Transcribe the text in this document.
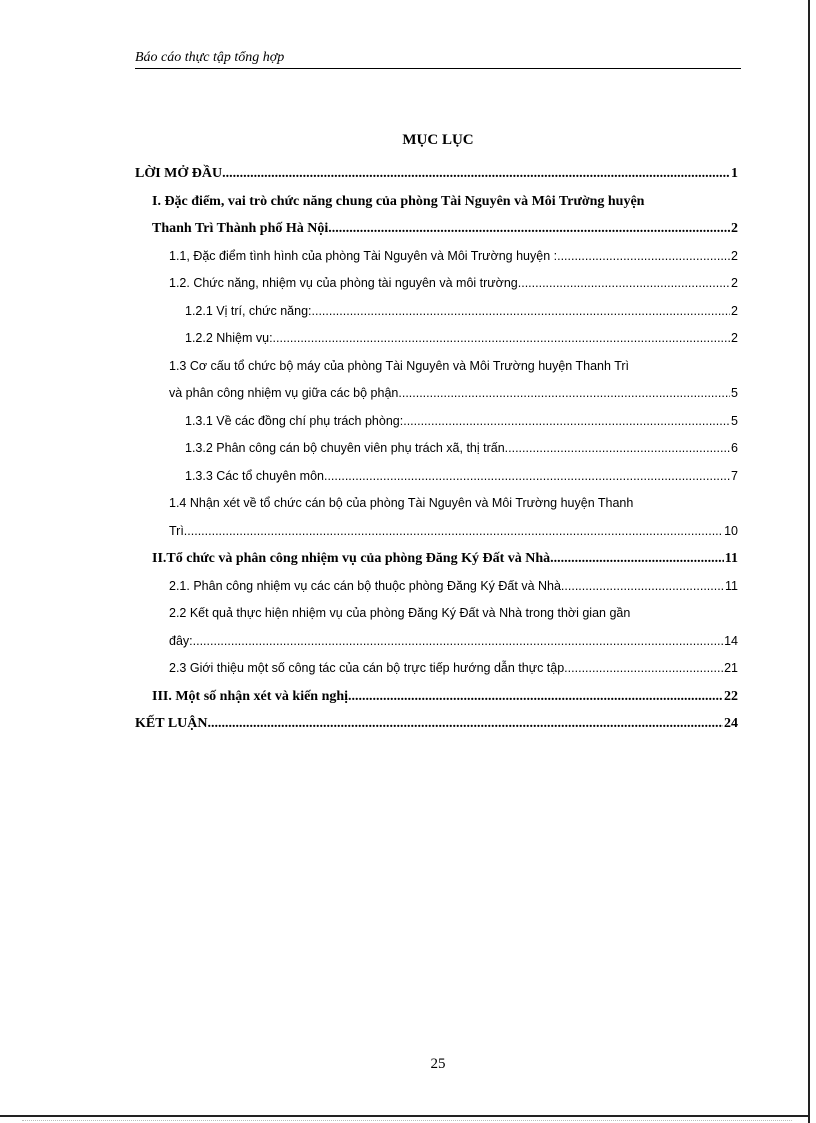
Báo cáo thực tập tổng hợp
MỤC LỤC
LỜI MỞ ĐẦU .....	1
I. Đặc điểm, vai trò chức năng chung của phòng Tài Nguyên và Môi Trường huyện
Thanh Trì Thành phố Hà Nội .....	2
1.1, Đặc điểm tình hình của phòng Tài Nguyên và Môi Trường huyện : .....	2
1.2. Chức năng, nhiệm vụ của phòng tài nguyên và môi trường. .....	2
1.2.1 Vị trí, chức năng: .....	2
1.2.2 Nhiệm vụ: .....	2
1.3 Cơ cấu tổ chức bộ máy của phòng Tài Nguyên và Môi Trường huyện Thanh Trì
và phân công nhiệm vụ giữa các bộ phận. .....	5
1.3.1 Về các đồng chí phụ trách phòng: .....	5
1.3.2 Phân công cán bộ chuyên viên phụ trách xã, thị trấn. .....	6
1.3.3 Các tổ chuyên môn .....	7
1.4 Nhận xét về tổ chức cán bộ của phòng Tài Nguyên và Môi Trường huyện Thanh
Trì. .....	10
II.Tổ chức và phân công nhiệm vụ của phòng Đăng Ký Đất và Nhà. .....	11
2.1. Phân công nhiệm vụ các cán bộ thuộc phòng Đăng Ký Đất và Nhà. .....	11
2.2 Kết quả thực hiện nhiệm vụ của phòng Đăng Ký Đất và Nhà trong thời gian gần
đây: .....	14
2.3 Giới thiệu một số công tác của cán bộ trực tiếp hướng dẫn thực tập. .....	21
III. Một số nhận xét và kiến nghị. .....	22
KẾT LUẬN .....	24
25
